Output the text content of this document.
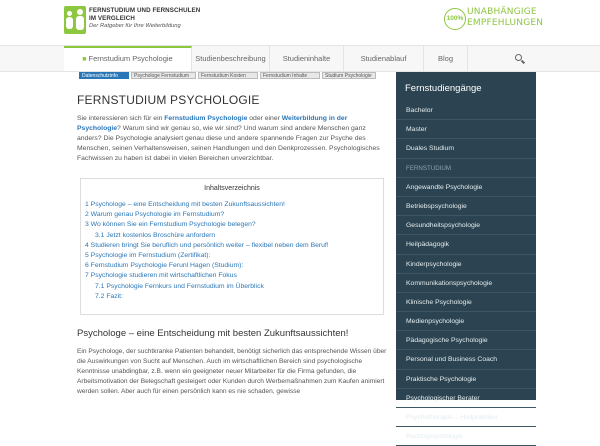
FERNSTUDIUM UND FERNSCHULEN
IM VERGLEICH
Der Ratgeber für Ihre Weiterbildung
100%
UNABHÄNGIGE
EMPFEHLUNGEN
■ Fernstudium Psychologie	Studienbeschreibung	Studieninhalte	Studienablauf	Blog
Datenschutzinfo	Psychologe Fernstudium	Fernstudium Kosten	Fernstudium Inhalte	Studium Psychologie
FERNSTUDIUM PSYCHOLOGIE
Sie interessieren sich für ein Fernstudium Psychologie oder einer Weiterbildung in der Psychologie? Warum sind wir genau so, wie wir sind? Und warum sind andere Menschen ganz anders? Die Psychologie analysiert genau diese und andere spannende Fragen zur Psyche des Menschen, seinen Verhaltensweisen, seinen Handlungen und den Denkprozessen. Psychologisches Fachwissen zu haben ist dabei in vielen Bereichen unverzichtbar.
Inhaltsverzeichnis
1 Psychologe – eine Entscheidung mit besten Zukunftsaussichten!
2 Warum genau Psychologie im Fernstudium?
3 Wo können Sie ein Fernstudium Psychologie belegen?
3.1 Jetzt kostenlos Broschüre anfordern
4 Studieren bringt Sie beruflich und persönlich weiter – flexibel neben dem Beruf!
5 Psychologie im Fernstudium (Zertifikat):
6 Fernstudium Psychologie Ferunl Hagen (Studium):
7 Psychologie studieren mit wirtschaftlichen Fokus
7.1 Psychologie Fernkurs und Fernstudium im Überblick
7.2 Fazit:
Psychologe – eine Entscheidung mit besten Zukunftsaussichten!
Ein Psychologe, der suchtkranke Patienten behandelt, benötigt sicherlich das entsprechende Wissen über die Auswirkungen von Sucht auf Menschen. Auch im wirtschaftlichen Bereich sind psychologische Kenntnisse unabdingbar, z.B. wenn ein geeigneter neuer Mitarbeiter für die Firma gefunden, die Arbeitsmotivation der Belegschaft gesteigert oder Kunden durch Werbemaßnahmen zum Kaufen animiert werden sollen. Aber auch für einen persönlich kann es nie schaden, gewisse
Fernstudiengänge
Bachelor
Master
Duales Studium
FERNSTUDIUM
Angewandte Psychologie
Betriebspsychologie
Gesundheitspsychologie
Heilpädagogik
Kinderpsychologie
Kommunikationspsychologie
Klinische Psychologie
Medienpsychologie
Pädagogische Psychologie
Personal und Business Coach
Praktische Psychologie
Psychologischer Berater
Psychotherapie – Heilpraktiker
Rechtspsychologie
